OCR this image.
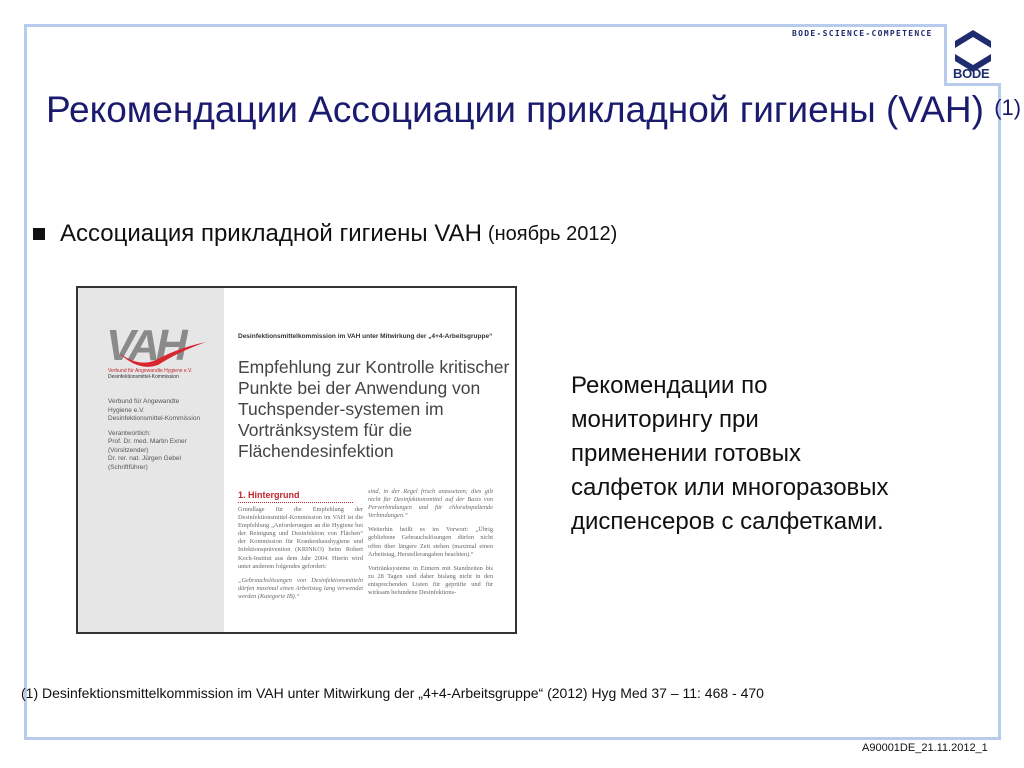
BODE-SCIENCE-COMPETENCE
BODE
Рекомендации Ассоциации прикладной гигиены (VAH) $^{(1)}$
Ассоциация прикладной гигиены VAH (ноябрь 2012)
VAH
Verbund für Angewandte Hygiene e.V.
Desinfektionsmittel-Kommission
Verbund für Angewandte
Hygiene e.V.
Desinfektionsmittel-Kommission
Verantwortlich:
Prof. Dr. med. Martin Exner
(Vorsitzender)
Dr. rer. nat. Jürgen Gebel
(Schriftführer)
Desinfektionsmittelkommission im VAH unter Mitwirkung der „4+4-Arbeitsgruppe“
Empfehlung zur Kontrolle kritischer Punkte bei der Anwendung von Tuchspender-systemen im Vortränksystem für die Flächendesinfektion
1. Hintergrund

Grundlage für die Empfehlung der Desinfektionsmittel-Kommission im VAH ist die Empfehlung „Anforderungen an die Hygiene bei der Reinigung und Desinfektion von Flächen“ der Kommission für Krankenhaushygiene und Infektionsprävention (KRINKO) beim Robert Koch-Institut aus dem Jahr 2004. Hierin wird unter anderem folgendes gefordert:

„Gebrauchslösungen von Desinfektionsmitteln dürfen maximal einen Arbeitstag lang verwendet werden (Kategorie IB).“

sind, in der Regel frisch anzusetzen; dies gilt nicht für Desinfektionsmittel auf der Basis von Perverbindungen und für chlorabspaltende Verbindungen.“

Weiterhin heißt es im Vorwort: „Übrig gebliebene Gebrauchslösungen dürfen nicht offen über längere Zeit stehen (maximal einen Arbeitstag, Herstellerangaben beachten).“

Vortränksysteme in Eimern mit Standzeiten bis zu 28 Tagen sind daher bislang nicht in den entsprechenden Listen für geprüfte und für wirksam befundene Desinfektions-

Рекомендации по
мониторингу при
применении готовых
салфеток или многоразовых
диспенсеров с салфетками.
(1) Desinfektionsmittelkommission im VAH unter Mitwirkung der „4+4-Arbeitsgruppe“ (2012) Hyg Med 37 – 11: 468 - 470
A90001DE_21.11.2012_1
